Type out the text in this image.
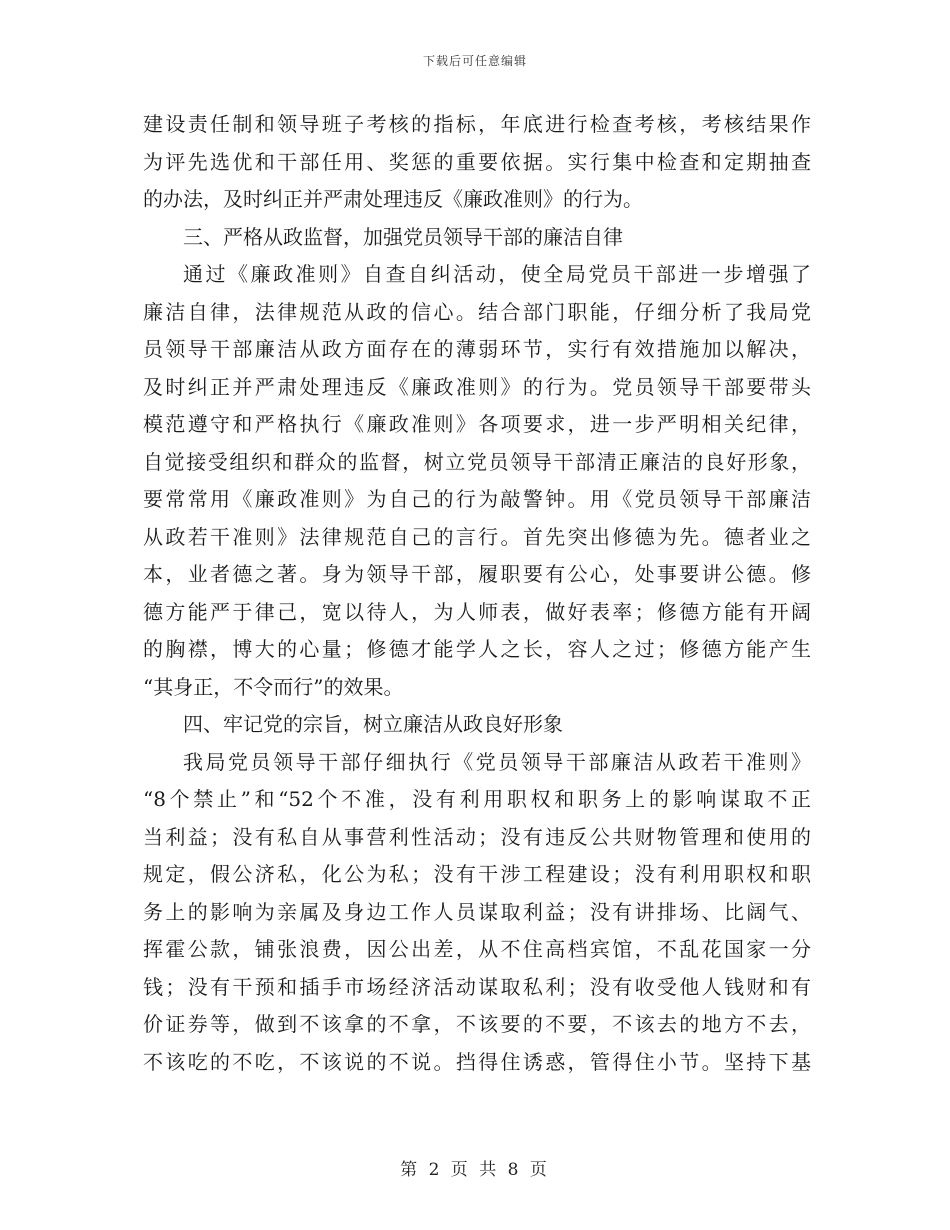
下载后可任意编辑
建设责任制和领导班子考核的指标，年底进行检查考核，考核结果作
为评先选优和干部任用、奖惩的重要依据。实行集中检查和定期抽查
的办法，及时纠正并严肃处理违反《廉政准则》的行为。
三、严格从政监督，加强党员领导干部的廉洁自律
通过《廉政准则》自查自纠活动，使全局党员干部进一步增强了
廉洁自律，法律规范从政的信心。结合部门职能，仔细分析了我局党
员领导干部廉洁从政方面存在的薄弱环节，实行有效措施加以解决，
及时纠正并严肃处理违反《廉政准则》的行为。党员领导干部要带头
模范遵守和严格执行《廉政准则》各项要求，进一步严明相关纪律，
自觉接受组织和群众的监督，树立党员领导干部清正廉洁的良好形象，
要常常用《廉政准则》为自己的行为敲警钟。用《党员领导干部廉洁
从政若干准则》法律规范自己的言行。首先突出修德为先。德者业之
本，业者德之著。身为领导干部，履职要有公心，处事要讲公德。修
德方能严于律己，宽以待人，为人师表，做好表率；修德方能有开阔
的胸襟，博大的心量；修德才能学人之长，容人之过；修德方能产生
“其身正，不令而行”的效果。
四、牢记党的宗旨，树立廉洁从政良好形象
我局党员领导干部仔细执行《党员领导干部廉洁从政若干准则》
“8个禁止”和“52个不准，没有利用职权和职务上的影响谋取不正
当利益；没有私自从事营利性活动；没有违反公共财物管理和使用的
规定，假公济私，化公为私；没有干涉工程建设；没有利用职权和职
务上的影响为亲属及身边工作人员谋取利益；没有讲排场、比阔气、
挥霍公款，铺张浪费，因公出差，从不住高档宾馆，不乱花国家一分
钱；没有干预和插手市场经济活动谋取私利；没有收受他人钱财和有
价证券等，做到不该拿的不拿，不该要的不要，不该去的地方不去，
不该吃的不吃，不该说的不说。挡得住诱惑，管得住小节。坚持下基
第 2 页 共 8 页
